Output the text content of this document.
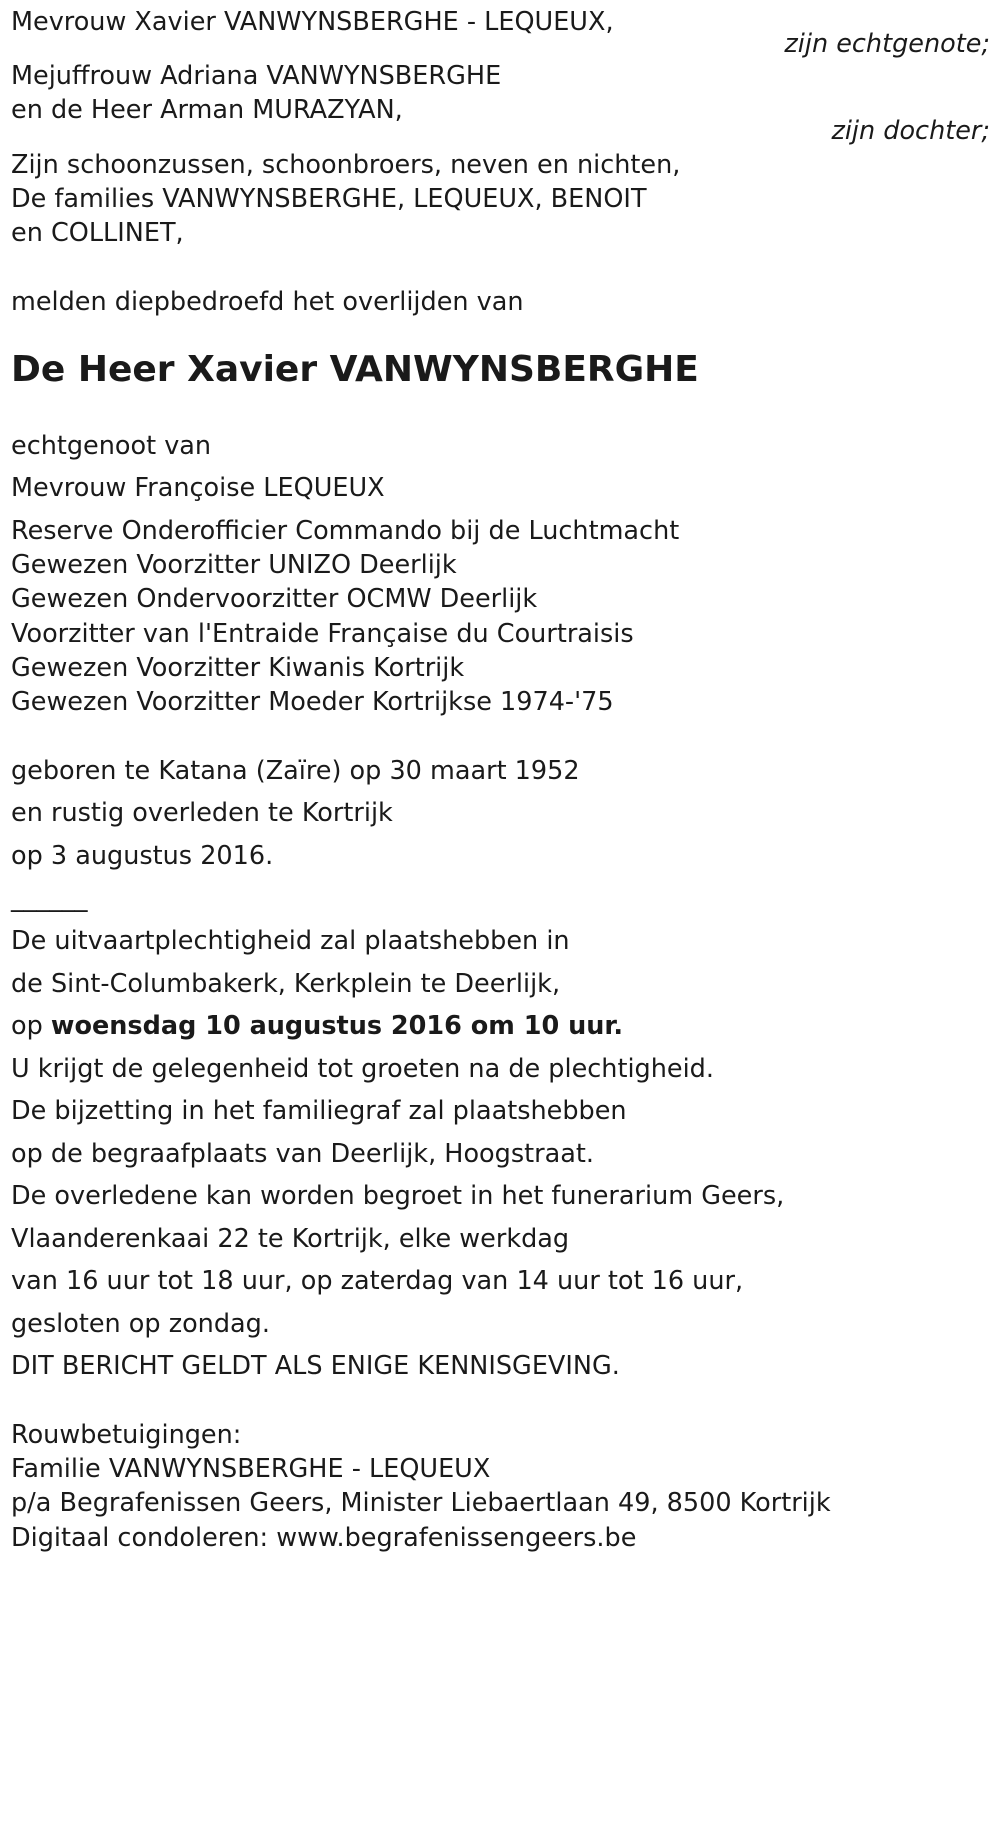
Mevrouw Xavier VANWYNSBERGHE - LEQUEUX,
zijn echtgenote;
Mejuffrouw Adriana VANWYNSBERGHE
en de Heer Arman MURAZYAN,
zijn dochter;
Zijn schoonzussen, schoonbroers, neven en nichten,
De families VANWYNSBERGHE, LEQUEUX, BENOIT
en COLLINET,
melden diepbedroefd het overlijden van
De Heer Xavier VANWYNSBERGHE
echtgenoot van
Mevrouw Françoise LEQUEUX
Reserve Onderofficier Commando bij de Luchtmacht
Gewezen Voorzitter UNIZO Deerlijk
Gewezen Ondervoorzitter OCMW Deerlijk
Voorzitter van l'Entraide Française du Courtraisis
Gewezen Voorzitter Kiwanis Kortrijk
Gewezen Voorzitter Moeder Kortrijkse 1974-'75
geboren te Katana (Zaïre) op 30 maart 1952
en rustig overleden te Kortrijk
op 3 augustus 2016.
______
De uitvaartplechtigheid zal plaatshebben in
de Sint-Columbakerk, Kerkplein te Deerlijk,
op woensdag 10 augustus 2016 om 10 uur.
U krijgt de gelegenheid tot groeten na de plechtigheid.
De bijzetting in het familiegraf zal plaatshebben
op de begraafplaats van Deerlijk, Hoogstraat.
De overledene kan worden begroet in het funerarium Geers,
Vlaanderenkaai 22 te Kortrijk, elke werkdag
van 16 uur tot 18 uur, op zaterdag van 14 uur tot 16 uur,
gesloten op zondag.
DIT BERICHT GELDT ALS ENIGE KENNISGEVING.
Rouwbetuigingen:
Familie VANWYNSBERGHE - LEQUEUX
p/a Begrafenissen Geers, Minister Liebaertlaan 49, 8500 Kortrijk
Digitaal condoleren: www.begrafenissengeers.be
